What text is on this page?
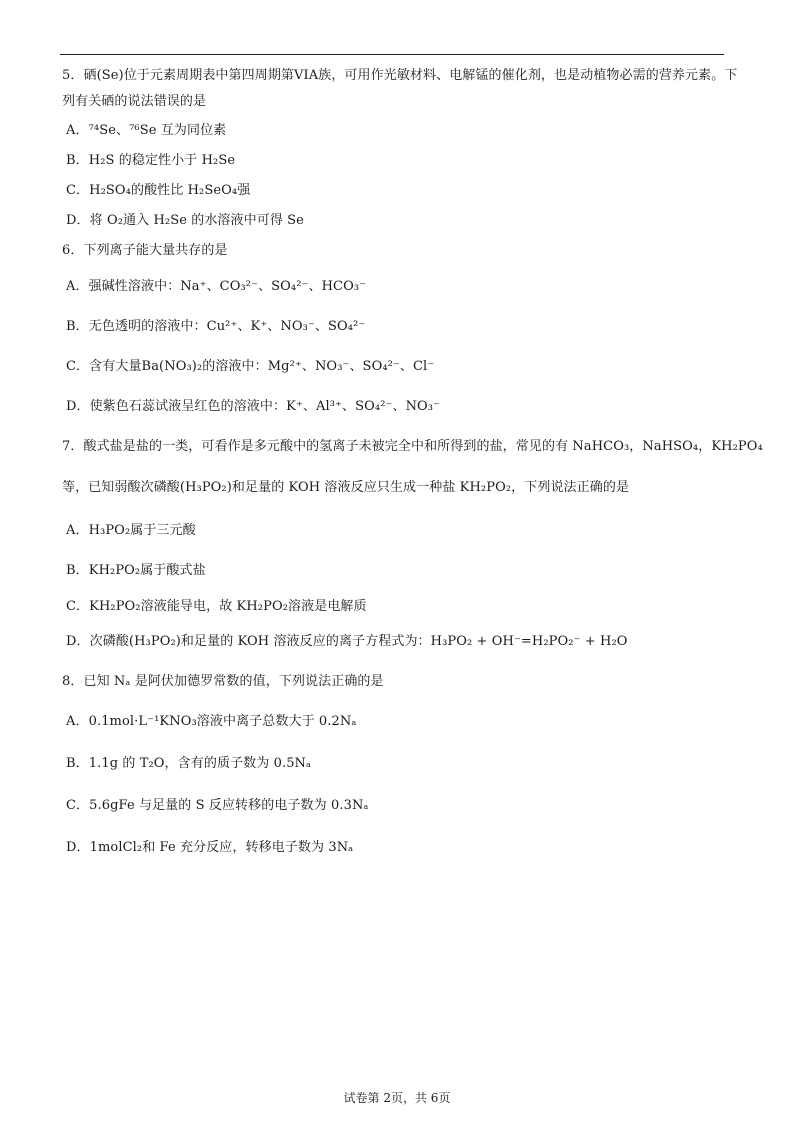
5．硒(Se)位于元素周期表中第四周期第VIA族，可用作光敏材料、电解锰的催化剂，也是动植物必需的营养元素。下
列有关硒的说法错误的是
A．⁷⁴Se、⁷⁶Se 互为同位素
B．H₂S 的稳定性小于 H₂Se
C．H₂SO₄的酸性比 H₂SeO₄强
D．将 O₂通入 H₂Se 的水溶液中可得 Se
6．下列离子能大量共存的是
A．强碱性溶液中：Na⁺、CO₃²⁻、SO₄²⁻、HCO₃⁻
B．无色透明的溶液中：Cu²⁺、K⁺、NO₃⁻、SO₄²⁻
C．含有大量Ba(NO₃)₂的溶液中：Mg²⁺、NO₃⁻、SO₄²⁻、Cl⁻
D．使紫色石蕊试液呈红色的溶液中：K⁺、Al³⁺、SO₄²⁻、NO₃⁻
7．酸式盐是盐的一类，可看作是多元酸中的氢离子未被完全中和所得到的盐，常见的有 NaHCO₃，NaHSO₄，KH₂PO₄
等，已知弱酸次磷酸(H₃PO₂)和足量的 KOH 溶液反应只生成一种盐 KH₂PO₂，下列说法正确的是
A．H₃PO₂属于三元酸
B．KH₂PO₂属于酸式盐
C．KH₂PO₂溶液能导电，故 KH₂PO₂溶液是电解质
D．次磷酸(H₃PO₂)和足量的 KOH 溶液反应的离子方程式为：H₃PO₂ + OH⁻=H₂PO₂⁻ + H₂O
8．已知 Nₐ 是阿伏加德罗常数的值，下列说法正确的是
A．0.1mol·L⁻¹KNO₃溶液中离子总数大于 0.2Nₐ
B．1.1g 的 T₂O，含有的质子数为 0.5Nₐ
C．5.6gFe 与足量的 S 反应转移的电子数为 0.3Nₐ
D．1molCl₂和 Fe 充分反应，转移电子数为 3Nₐ
试卷第 2页，共 6页
